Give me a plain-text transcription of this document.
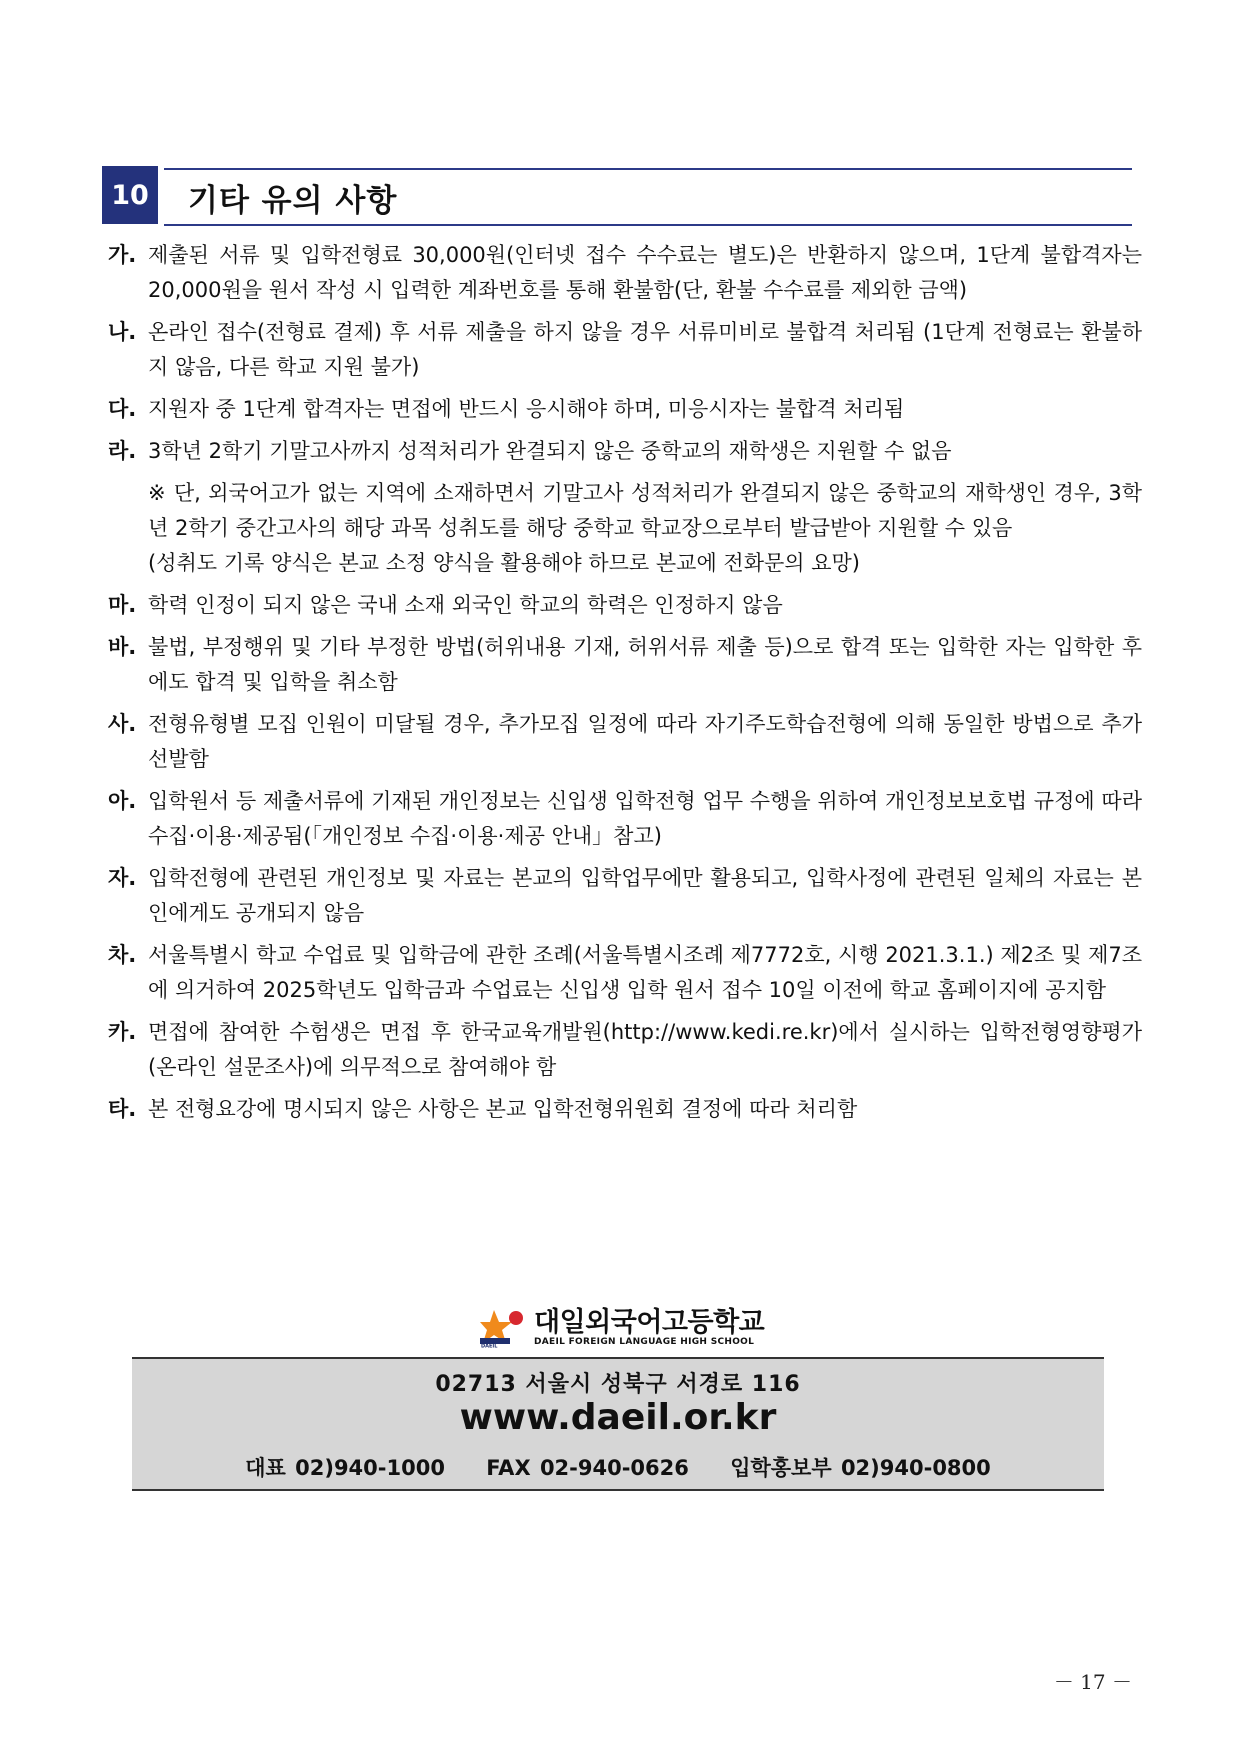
10 기타 유의 사항
가. 제출된 서류 및 입학전형료 30,000원(인터넷 접수 수수료는 별도)은 반환하지 않으며, 1단계 불합격자는 20,000원을 원서 작성 시 입력한 계좌번호를 통해 환불함(단, 환불 수수료를 제외한 금액)
나. 온라인 접수(전형료 결제) 후 서류 제출을 하지 않을 경우 서류미비로 불합격 처리됨 (1단계 전형료는 환불하지 않음, 다른 학교 지원 불가)
다. 지원자 중 1단계 합격자는 면접에 반드시 응시해야 하며, 미응시자는 불합격 처리됨
라. 3학년 2학기 기말고사까지 성적처리가 완결되지 않은 중학교의 재학생은 지원할 수 없음
※ 단, 외국어고가 없는 지역에 소재하면서 기말고사 성적처리가 완결되지 않은 중학교의 재학생인 경우, 3학년 2학기 중간고사의 해당 과목 성취도를 해당 중학교 학교장으로부터 발급받아 지원할 수 있음
(성취도 기록 양식은 본교 소정 양식을 활용해야 하므로 본교에 전화문의 요망)
마. 학력 인정이 되지 않은 국내 소재 외국인 학교의 학력은 인정하지 않음
바. 불법, 부정행위 및 기타 부정한 방법(허위내용 기재, 허위서류 제출 등)으로 합격 또는 입학한 자는 입학한 후에도 합격 및 입학을 취소함
사. 전형유형별 모집 인원이 미달될 경우, 추가모집 일정에 따라 자기주도학습전형에 의해 동일한 방법으로 추가 선발함
아. 입학원서 등 제출서류에 기재된 개인정보는 신입생 입학전형 업무 수행을 위하여 개인정보보호법 규정에 따라 수집·이용·제공됨(「개인정보 수집·이용·제공 안내」참고)
자. 입학전형에 관련된 개인정보 및 자료는 본교의 입학업무에만 활용되고, 입학사정에 관련된 일체의 자료는 본인에게도 공개되지 않음
차. 서울특별시 학교 수업료 및 입학금에 관한 조례(서울특별시조례 제7772호, 시행 2021.3.1.) 제2조 및 제7조에 의거하여 2025학년도 입학금과 수업료는 신입생 입학 원서 접수 10일 이전에 학교 홈페이지에 공지함
카. 면접에 참여한 수험생은 면접 후 한국교육개발원(http://www.kedi.re.kr)에서 실시하는 입학전형영향평가 (온라인 설문조사)에 의무적으로 참여해야 함
타. 본 전형요강에 명시되지 않은 사항은 본교 입학전형위원회 결정에 따라 처리함
DAEIL
대일외국어고등학교
DAEIL FOREIGN LANGUAGE HIGH SCHOOL
02713 서울시 성북구 서경로 116
www.daeil.or.kr
대표 02)940-1000 FAX 02-940-0626 입학홍보부 02)940-0800
－ 17 －
